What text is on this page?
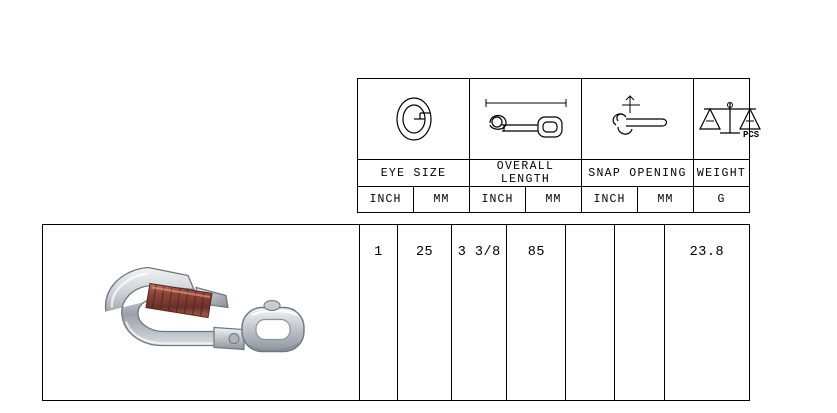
PCS

EYE SIZE		OVERALL LENGTH		SNAP OPENING		WEIGHT
INCH	MM	INCH	MM	INCH	MM	G
	1	25	3 3/8	85			23.8
